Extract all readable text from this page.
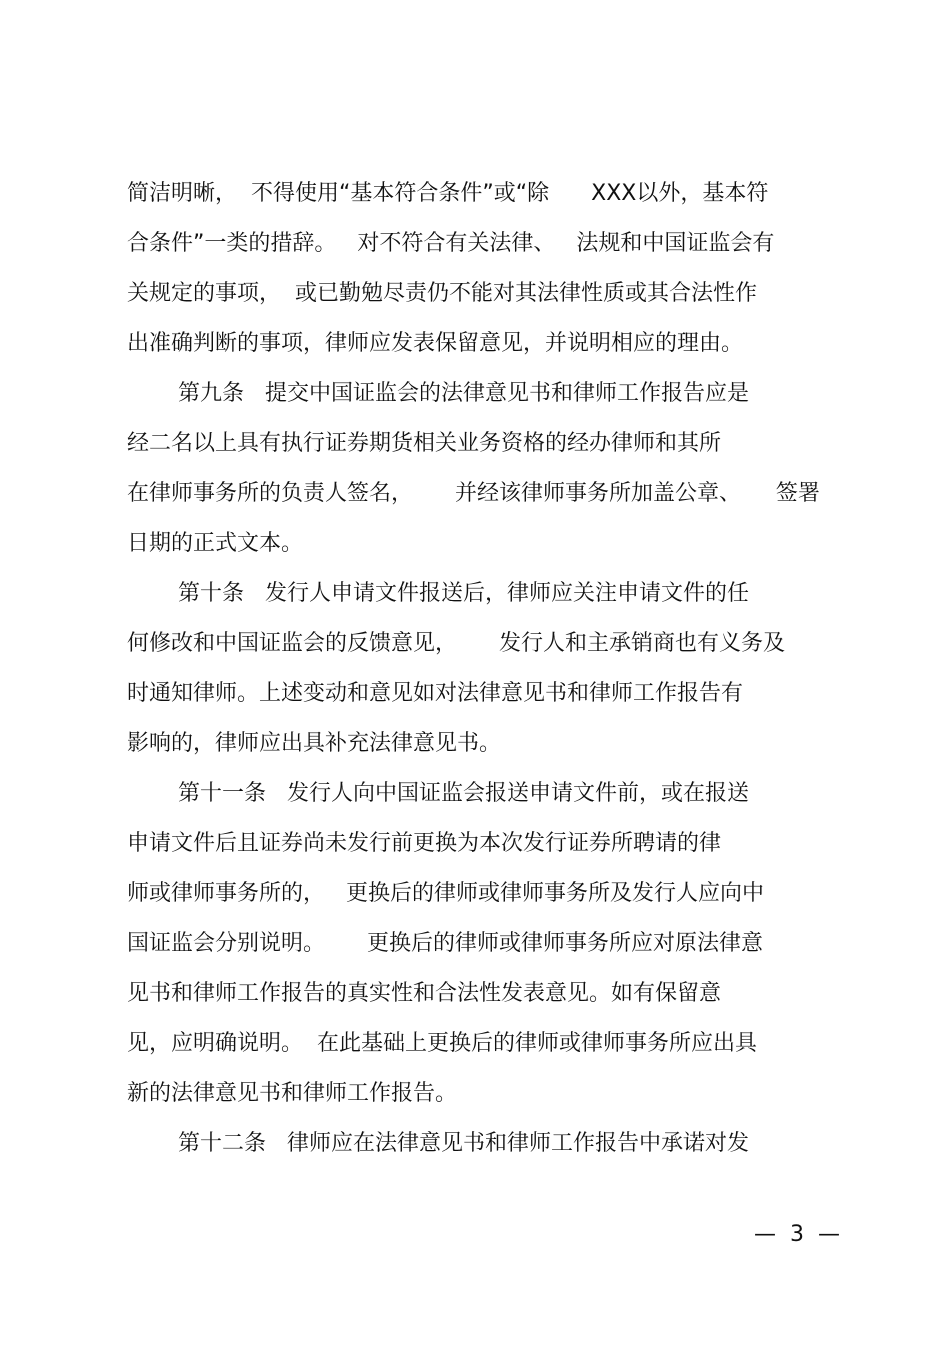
简洁明晰，  不得使用“基本符合条件”或“除      XXX以外，基本符
合条件”一类的措辞。   对不符合有关法律、   法规和中国证监会有
关规定的事项，  或已勤勉尽责仍不能对其法律性质或其合法性作
出准确判断的事项，律师应发表保留意见，并说明相应的理由。
第九条   提交中国证监会的法律意见书和律师工作报告应是
经二名以上具有执行证券期货相关业务资格的经办律师和其所
在律师事务所的负责人签名，      并经该律师事务所加盖公章、     签署
日期的正式文本。
第十条   发行人申请文件报送后，律师应关注申请文件的任
何修改和中国证监会的反馈意见，      发行人和主承销商也有义务及
时通知律师。上述变动和意见如对法律意见书和律师工作报告有
影响的，律师应出具补充法律意见书。
第十一条   发行人向中国证监会报送申请文件前，或在报送
申请文件后且证券尚未发行前更换为本次发行证券所聘请的律
师或律师事务所的，   更换后的律师或律师事务所及发行人应向中
国证监会分别说明。      更换后的律师或律师事务所应对原法律意
见书和律师工作报告的真实性和合法性发表意见。如有保留意
见，应明确说明。  在此基础上更换后的律师或律师事务所应出具
新的法律意见书和律师工作报告。
第十二条   律师应在法律意见书和律师工作报告中承诺对发
—  3  —
